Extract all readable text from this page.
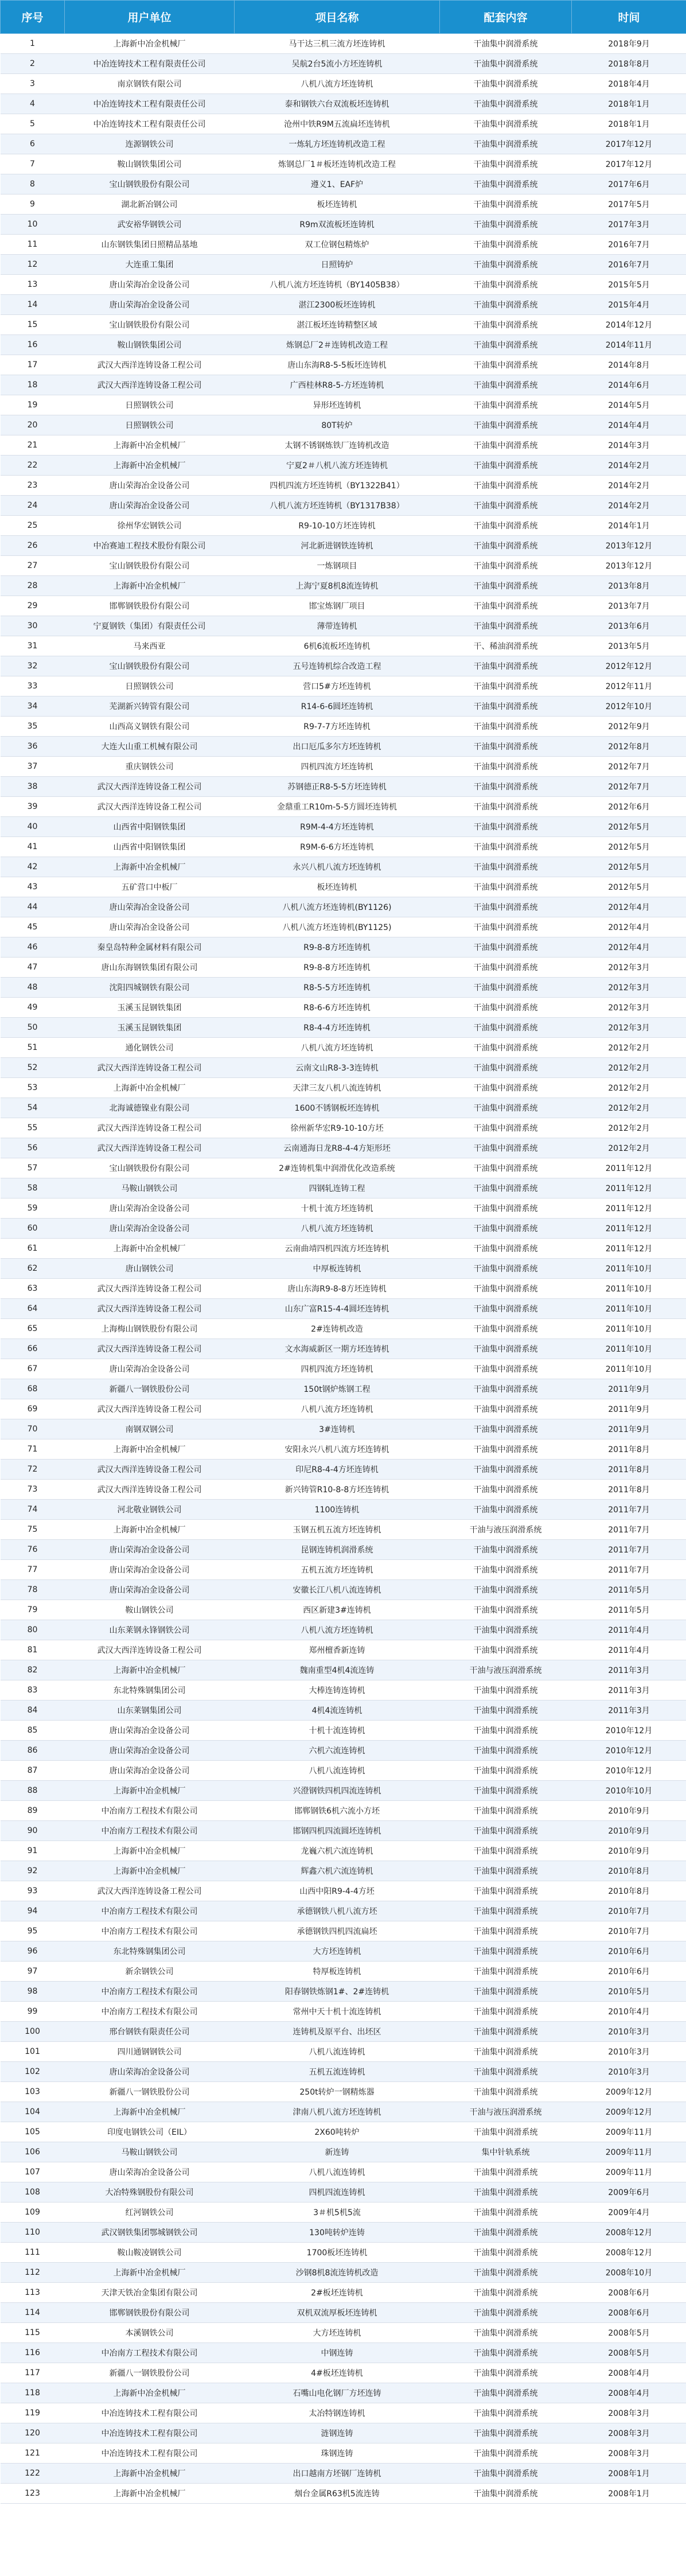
序号	用户单位	项目名称	配套内容	时间
1	上海新中冶金机械厂	马干达三机三流方坯连铸机	干油集中润滑系统	2018年9月
2	中冶连铸技术工程有限责任公司	吴航2台5流小方坯连铸机	干油集中润滑系统	2018年8月
3	南京钢铁有限公司	八机八流方坯连铸机	干油集中润滑系统	2018年4月
4	中冶连铸技术工程有限责任公司	泰和钢铁六台双流板坯连铸机	干油集中润滑系统	2018年1月
5	中冶连铸技术工程有限责任公司	沧州中铁R9M五流扁坯连铸机	干油集中润滑系统	2018年1月
6	连源钢铁公司	一炼轧方坯连铸机改造工程	干油集中润滑系统	2017年12月
7	鞍山钢铁集团公司	炼钢总厂1＃板坯连铸机改造工程	干油集中润滑系统	2017年12月
8	宝山钢铁股份有限公司	遵义1、EAF炉	干油集中润滑系统	2017年6月
9	湖北新冶钢公司	板坯连铸机	干油集中润滑系统	2017年5月
10	武安裕华钢铁公司	R9m双流板坯连铸机	干油集中润滑系统	2017年3月
11	山东钢铁集团日照精品基地	双工位钢包精炼炉	干油集中润滑系统	2016年7月
12	大连重工集团	日照铸炉	干油集中润滑系统	2016年7月
13	唐山荣海冶金设备公司	八机八流方坯连铸机（BY1405B38）	干油集中润滑系统	2015年5月
14	唐山荣海冶金设备公司	湛江2300板坯连铸机	干油集中润滑系统	2015年4月
15	宝山钢铁股份有限公司	湛江板坯连铸精整区域	干油集中润滑系统	2014年12月
16	鞍山钢铁集团公司	炼钢总厂2＃连铸机改造工程	干油集中润滑系统	2014年11月
17	武汉大西洋连铸设备工程公司	唐山东海R8-5-5板坯连铸机	干油集中润滑系统	2014年8月
18	武汉大西洋连铸设备工程公司	广西桂林R8-5-方坯连铸机	干油集中润滑系统	2014年6月
19	日照钢铁公司	异形坯连铸机	干油集中润滑系统	2014年5月
20	日照钢铁公司	80T转炉	干油集中润滑系统	2014年4月
21	上海新中冶金机械厂	太钢不锈钢炼铁厂连铸机改造	干油集中润滑系统	2014年3月
22	上海新中冶金机械厂	宁夏2＃八机八流方坯连铸机	干油集中润滑系统	2014年2月
23	唐山荣海冶金设备公司	四机四流方坯连铸机（BY1322B41）	干油集中润滑系统	2014年2月
24	唐山荣海冶金设备公司	八机八流方坯连铸机（BY1317B38）	干油集中润滑系统	2014年2月
25	徐州华宏钢铁公司	R9-10-10方坯连铸机	干油集中润滑系统	2014年1月
26	中冶赛迪工程技术股份有限公司	河北新进钢铁连铸机	干油集中润滑系统	2013年12月
27	宝山钢铁股份有限公司	一炼钢项目	干油集中润滑系统	2013年12月
28	上海新中冶金机械厂	上海宁夏8机8流连铸机	干油集中润滑系统	2013年8月
29	邯郸钢铁股份有限公司	邯宝炼钢厂项目	干油集中润滑系统	2013年7月
30	宁夏钢铁（集团）有限责任公司	薄带连铸机	干油集中润滑系统	2013年6月
31	马来西亚	6机6流板坯连铸机	干、稀油润滑系统	2013年5月
32	宝山钢铁股份有限公司	五号连铸机综合改造工程	干油集中润滑系统	2012年12月
33	日照钢铁公司	营口5#方坯连铸机	干油集中润滑系统	2012年11月
34	芜湖新兴铸管有限公司	R14-6-6圆坯连铸机	干油集中润滑系统	2012年10月
35	山西高义钢铁有限公司	R9-7-7方坯连铸机	干油集中润滑系统	2012年9月
36	大连大山重工机械有限公司	出口厄瓜多尔方坯连铸机	干油集中润滑系统	2012年8月
37	重庆钢铁公司	四机四流方坯连铸机	干油集中润滑系统	2012年7月
38	武汉大西洋连铸设备工程公司	苏钢德正R8-5-5方坯连铸机	干油集中润滑系统	2012年7月
39	武汉大西洋连铸设备工程公司	金鼎重工R10m-5-5方圆坯连铸机	干油集中润滑系统	2012年6月
40	山西省中阳钢铁集团	R9M-4-4方坯连铸机	干油集中润滑系统	2012年5月
41	山西省中阳钢铁集团	R9M-6-6方坯连铸机	干油集中润滑系统	2012年5月
42	上海新中冶金机械厂	永兴八机八流方坯连铸机	干油集中润滑系统	2012年5月
43	五矿营口中板厂	板坯连铸机	干油集中润滑系统	2012年5月
44	唐山荣海冶金设备公司	八机八流方坯连铸机(BY1126)	干油集中润滑系统	2012年4月
45	唐山荣海冶金设备公司	八机八流方坯连铸机(BY1125)	干油集中润滑系统	2012年4月
46	秦皇岛特种金属材料有限公司	R9-8-8方坯连铸机	干油集中润滑系统	2012年4月
47	唐山东海钢铁集团有限公司	R9-8-8方坯连铸机	干油集中润滑系统	2012年3月
48	沈阳四城钢铁有限公司	R8-5-5方坯连铸机	干油集中润滑系统	2012年3月
49	玉溪玉昆钢铁集团	R8-6-6方坯连铸机	干油集中润滑系统	2012年3月
50	玉溪玉昆钢铁集团	R8-4-4方坯连铸机	干油集中润滑系统	2012年3月
51	通化钢铁公司	八机八流方坯连铸机	干油集中润滑系统	2012年2月
52	武汉大西洋连铸设备工程公司	云南文山R8-3-3连铸机	干油集中润滑系统	2012年2月
53	上海新中冶金机械厂	天津三友八机八流连铸机	干油集中润滑系统	2012年2月
54	北海诚德镍业有限公司	1600不锈钢板坯连铸机	干油集中润滑系统	2012年2月
55	武汉大西洋连铸设备工程公司	徐州新华宏R9-10-10方坯	干油集中润滑系统	2012年2月
56	武汉大西洋连铸设备工程公司	云南通海日龙R8-4-4方矩形坯	干油集中润滑系统	2012年2月
57	宝山钢铁股份有限公司	2#连铸机集中润滑优化改造系统	干油集中润滑系统	2011年12月
58	马鞍山钢铁公司	四钢轧连铸工程	干油集中润滑系统	2011年12月
59	唐山荣海冶金设备公司	十机十流方坯连铸机	干油集中润滑系统	2011年12月
60	唐山荣海冶金设备公司	八机八流方坯连铸机	干油集中润滑系统	2011年12月
61	上海新中冶金机械厂	云南曲靖四机四流方坯连铸机	干油集中润滑系统	2011年12月
62	唐山钢铁公司	中厚板连铸机	干油集中润滑系统	2011年10月
63	武汉大西洋连铸设备工程公司	唐山东海R9-8-8方坯连铸机	干油集中润滑系统	2011年10月
64	武汉大西洋连铸设备工程公司	山东广富R15-4-4圆坯连铸机	干油集中润滑系统	2011年10月
65	上海梅山钢铁股份有限公司	2#连铸机改造	干油集中润滑系统	2011年10月
66	武汉大西洋连铸设备工程公司	文水海威新区一期方坯连铸机	干油集中润滑系统	2011年10月
67	唐山荣海冶金设备公司	四机四流方坯连铸机	干油集中润滑系统	2011年10月
68	新疆八一钢铁股份公司	150t钢炉炼钢工程	干油集中润滑系统	2011年9月
69	武汉大西洋连铸设备工程公司	八机八流方坯连铸机	干油集中润滑系统	2011年9月
70	南钢双钢公司	3#连铸机	干油集中润滑系统	2011年9月
71	上海新中冶金机械厂	安阳永兴八机八流方坯连铸机	干油集中润滑系统	2011年8月
72	武汉大西洋连铸设备工程公司	印尼R8-4-4方坯连铸机	干油集中润滑系统	2011年8月
73	武汉大西洋连铸设备工程公司	新兴铸管R10-8-8方坯连铸机	干油集中润滑系统	2011年8月
74	河北敬业钢铁公司	1100连铸机	干油集中润滑系统	2011年7月
75	上海新中冶金机械厂	玉钢五机五流方坯连铸机	干油与液压润滑系统	2011年7月
76	唐山荣海冶金设备公司	昆钢连铸机润滑系统	干油集中润滑系统	2011年7月
77	唐山荣海冶金设备公司	五机五流方坯连铸机	干油集中润滑系统	2011年7月
78	唐山荣海冶金设备公司	安徽长江八机八流连铸机	干油集中润滑系统	2011年5月
79	鞍山钢铁公司	西区新建3#连铸机	干油集中润滑系统	2011年5月
80	山东莱钢永锋钢铁公司	八机八流方坯连铸机	干油集中润滑系统	2011年4月
81	武汉大西洋连铸设备工程公司	郑州檀香新连铸	干油集中润滑系统	2011年4月
82	上海新中冶金机械厂	魏南重型4机4流连铸	干油与液压润滑系统	2011年3月
83	东北特殊钢集团公司	大棒连铸连铸机	干油集中润滑系统	2011年3月
84	山东莱钢集团公司	4机4流连铸机	干油集中润滑系统	2011年3月
85	唐山荣海冶金设备公司	十机十流连铸机	干油集中润滑系统	2010年12月
86	唐山荣海冶金设备公司	六机六流连铸机	干油集中润滑系统	2010年12月
87	唐山荣海冶金设备公司	八机八流连铸机	干油集中润滑系统	2010年12月
88	上海新中冶金机械厂	兴澄钢铁四机四流连铸机	干油集中润滑系统	2010年10月
89	中冶南方工程技术有限公司	邯郸钢铁6机六流小方坯	干油集中润滑系统	2010年9月
90	中冶南方工程技术有限公司	邯钢四机四流圆坯连铸机	干油集中润滑系统	2010年9月
91	上海新中冶金机械厂	龙巍六机六流连铸机	干油集中润滑系统	2010年9月
92	上海新中冶金机械厂	辉鑫六机六流连铸机	干油集中润滑系统	2010年8月
93	武汉大西洋连铸设备工程公司	山西中阳R9-4-4方坯	干油集中润滑系统	2010年8月
94	中冶南方工程技术有限公司	承德钢铁八机八流方坯	干油集中润滑系统	2010年7月
95	中冶南方工程技术有限公司	承德钢铁四机四流扁坯	干油集中润滑系统	2010年7月
96	东北特殊钢集团公司	大方坯连铸机	干油集中润滑系统	2010年6月
97	新余钢铁公司	特厚板连铸机	干油集中润滑系统	2010年6月
98	中冶南方工程技术有限公司	阳春钢铁炼钢1#、2#连铸机	干油集中润滑系统	2010年5月
99	中冶南方工程技术有限公司	常州中天十机十流连铸机	干油集中润滑系统	2010年4月
100	邢台钢铁有限责任公司	连铸机及原平台、出坯区	干油集中润滑系统	2010年3月
101	四川通钢钢铁公司	八机八流连铸机	干油集中润滑系统	2010年3月
102	唐山荣海冶金设备公司	五机五流连铸机	干油集中润滑系统	2010年3月
103	新疆八一钢铁股份公司	250t转炉一钢精炼器	干油集中润滑系统	2009年12月
104	上海新中冶金机械厂	津南八机八流方坯连铸机	干油与液压润滑系统	2009年12月
105	印度电钢铁公司（EIL）	2X60吨转炉	干油集中润滑系统	2009年11月
106	马鞍山钢铁公司	新连铸	集中针轨系统	2009年11月
107	唐山荣海冶金设备公司	八机八流连铸机	干油集中润滑系统	2009年11月
108	大冶特殊钢股份有限公司	四机四流连铸机	干油集中润滑系统	2009年6月
109	红河钢铁公司	3＃机5机5流	干油集中润滑系统	2009年4月
110	武汉钢铁集团鄂城钢铁公司	130吨转炉连铸	干油集中润滑系统	2008年12月
111	鞍山鞍凌钢铁公司	1700板坯连铸机	干油集中润滑系统	2008年12月
112	上海新中冶金机械厂	沙钢8机8流连铸机改造	干油集中润滑系统	2008年10月
113	天津天铁冶金集团有限公司	2#板坯连铸机	干油集中润滑系统	2008年6月
114	邯郸钢铁股份有限公司	双机双流厚板坯连铸机	干油集中润滑系统	2008年6月
115	本溪钢铁公司	大方坯连铸机	干油集中润滑系统	2008年5月
116	中冶南方工程技术有限公司	中钢连铸	干油集中润滑系统	2008年5月
117	新疆八一钢铁股份公司	4#板坯连铸机	干油集中润滑系统	2008年4月
118	上海新中冶金机械厂	石嘴山电化钢厂方坯连铸	干油集中润滑系统	2008年4月
119	中冶连铸技术工程有限公司	太冶特钢连铸机	干油集中润滑系统	2008年3月
120	中冶连铸技术工程有限公司	涟钢连铸	干油集中润滑系统	2008年3月
121	中冶连铸技术工程有限公司	珠钢连铸	干油集中润滑系统	2008年3月
122	上海新中冶金机械厂	出口越南方坯钢厂连铸机	干油集中润滑系统	2008年1月
123	上海新中冶金机械厂	烟台金属R63机5流连铸	干油集中润滑系统	2008年1月
